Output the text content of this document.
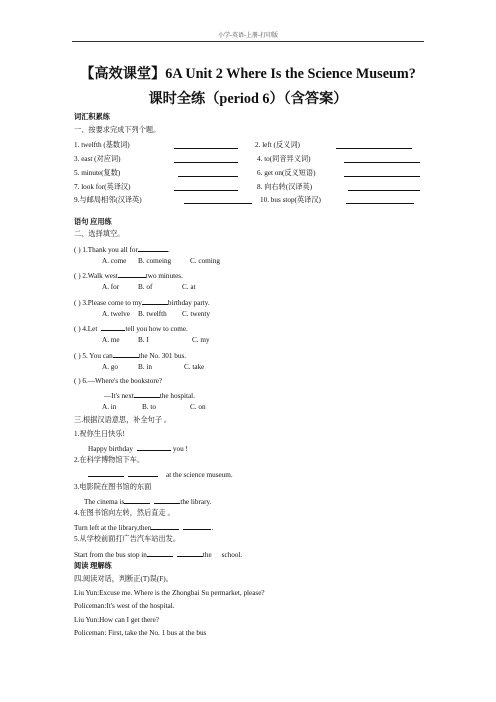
小学-英语-上册-打印版
【高效课堂】6A Unit 2 Where Is the Science Museum?
课时全练（period 6）（含答案）
词汇积累练
一、按要求完成下列个题。
1. twelfth (基数词)	2. left (反义词)
3. east (对应词)	4. to(同音异义词)
5. minute(复数)	6. get on(反义短语)
7. look for(英译汉)	8. 向右转(汉译英)
9.与邮局相邻(汉译英)	10. bus stop(英译汉)
语句 应用练
二、选择填空。
( ) 1.Thank you all for	.
A. come B. comeing	C. coming
( ) 2.Walk west	two minutes.
A. for	B. of	C. at
( ) 3.Please come to my	birthday party.
A. twelve B. twelfth C. twenty
( ) 4.Let	tell you how to come.
A. me	B. I	C. my
( ) 5. You can	the No. 301 bus.
A. go	B. in	C. take
( ) 6.—Where's the bookstore?
—It's next	the hospital.
A. in	B. to	C. on
三.根据汉语意思，补全句子 。
1.祝你生日快乐!
Happy birthday	you !
2.在科学博物馆下车。
at the science museum.
3.电影院在图书馆的东面
The cinema is	the library.
4.在图书馆向左转，然后直走 。
Turn left at the library,then	.
5.从学校前面打广告汽车站出发。
Start from the bus stop in	the school.
阅读 理解练
四.阅读对话，判断正(T)误(F)。
Liu Yun:Excuse me. Where is the Zhongbai Su permarket, please?
Policeman:It's west of the hospital.
Liu Yun:How can I get there?
Policeman: First, take the No. 1 bus at the bus
